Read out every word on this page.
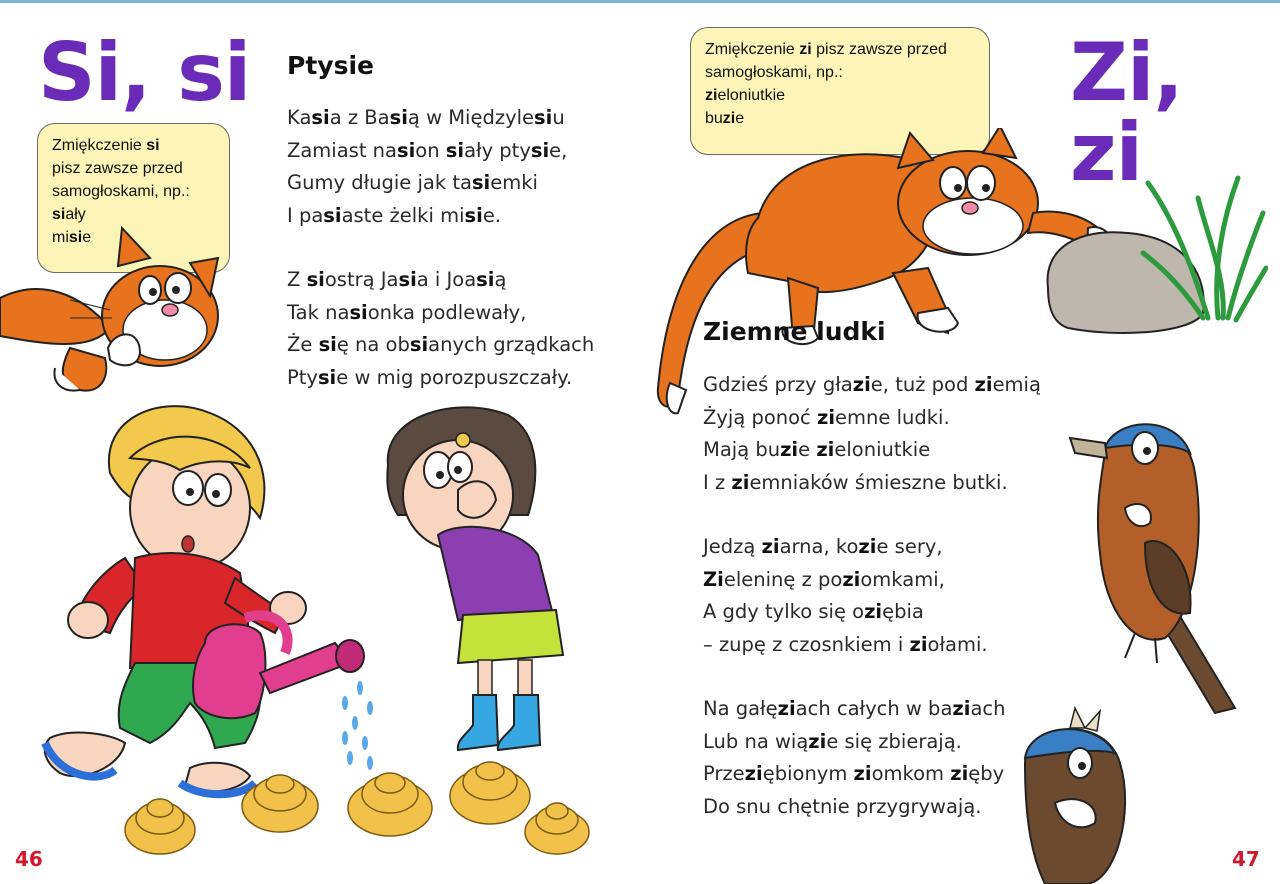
Si, si
Zmiękczenie si
pisz zawsze przed
samogłoskami, np.:
siały
misie
Ptysie
Kasia z Basią w Międzylesiu
Zamiast nasion siały ptysie,
Gumy długie jak tasiemki
I pasiaste żelki misie.
Z siostrą Jasia i Joasią
Tak nasionka podlewały,
Że się na obsianych grządkach
Ptysie w mig porozpuszczały.
46
Zmiękczenie zi pisz zawsze przed
samogłoskami, np.:
zieloniutkie
buzie	Zi, zi
Ziemne ludki
Gdzieś przy głazie, tuż pod ziemią
Żyją ponoć ziemne ludki.
Mają buzie zieloniutkie
I z ziemniaków śmieszne butki.
Jedzą ziarna, kozie sery,
Zieleninę z poziomkami,
A gdy tylko się oziębia
– zupę z czosnkiem i ziołami.
Na gałęziach całych w baziach
Lub na wiązie się zbierają.
Przeziębionym ziomkom zięby
Do snu chętnie przygrywają.
47
